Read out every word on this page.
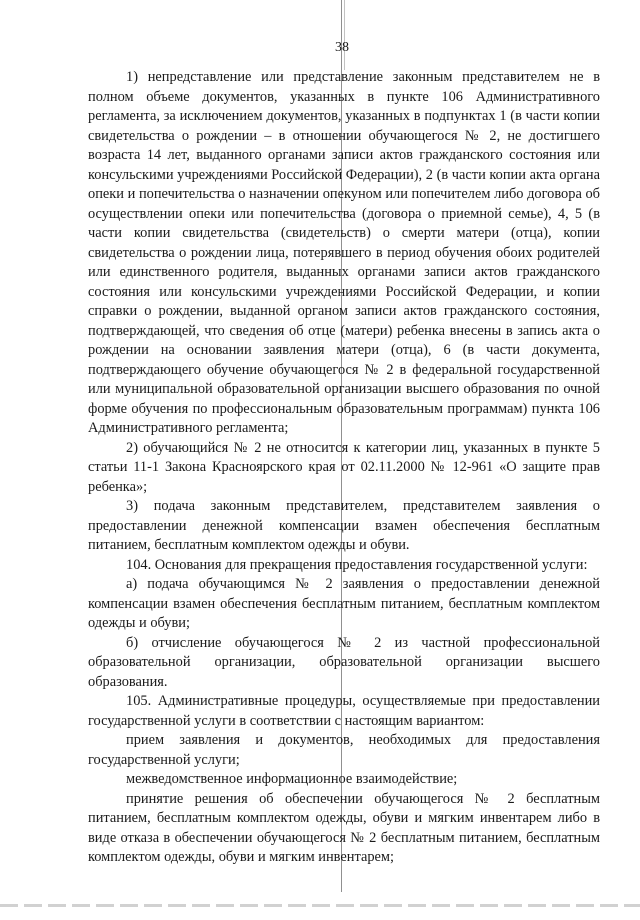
38

1) непредставление или представление законным представителем не в полном объеме документов, указанных в пункте 106 Административного регламента, за исключением документов, указанных в подпунктах 1 (в части копии свидетельства о рождении – в отношении обучающегося № 2, не достигшего возраста 14 лет, выданного органами записи актов гражданского состояния или консульскими учреждениями Российской Федерации), 2 (в части копии акта органа опеки и попечительства о назначении опекуном или попечителем либо договора об осуществлении опеки или попечительства (договора о приемной семье), 4, 5 (в части копии свидетельства (свидетельств) о смерти матери (отца), копии свидетельства о рождении лица, потерявшего в период обучения обоих родителей или единственного родителя, выданных органами записи актов гражданского состояния или консульскими учреждениями Российской Федерации, и копии справки о рождении, выданной органом записи актов гражданского состояния, подтверждающей, что сведения об отце (матери) ребенка внесены в запись акта о рождении на основании заявления матери (отца), 6 (в части документа, подтверждающего обучение обучающегося № 2 в федеральной государственной или муниципальной образовательной организации высшего образования по очной форме обучения по профессиональным образовательным программам) пункта 106 Административного регламента;

2) обучающийся № 2 не относится к категории лиц, указанных в пункте 5 статьи 11-1 Закона Красноярского края от 02.11.2000 № 12-961 «О защите прав ребенка»;

3) подача законным представителем, представителем заявления о предоставлении денежной компенсации взамен обеспечения бесплатным питанием, бесплатным комплектом одежды и обуви.

104. Основания для прекращения предоставления государственной услуги:

а) подача обучающимся № 2 заявления о предоставлении денежной компенсации взамен обеспечения бесплатным питанием, бесплатным комплектом одежды и обуви;

б) отчисление обучающегося № 2 из частной профессиональной образовательной организации, образовательной организации высшего образования.

105. Административные процедуры, осуществляемые при предоставлении государственной услуги в соответствии с настоящим вариантом:

прием заявления и документов, необходимых для предоставления государственной услуги;

межведомственное информационное взаимодействие;

принятие решения об обеспечении обучающегося № 2 бесплатным питанием, бесплатным комплектом одежды, обуви и мягким инвентарем либо в виде отказа в обеспечении обучающегося № 2 бесплатным питанием, бесплатным комплектом одежды, обуви и мягким инвентарем;
